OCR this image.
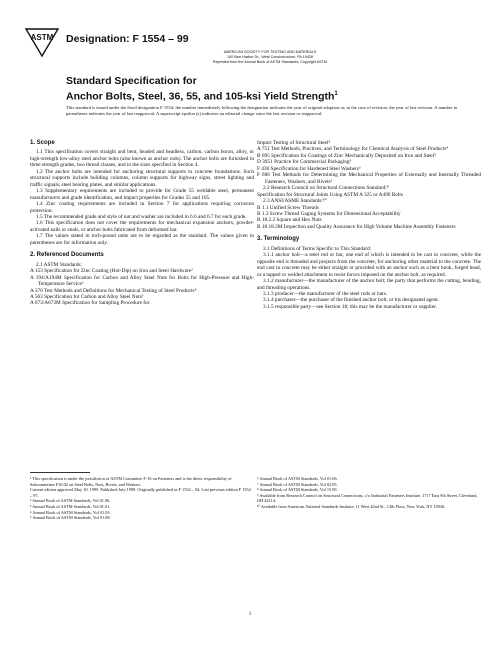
ASTM Designation: F 1554 – 99
AMERICAN SOCIETY FOR TESTING AND MATERIALS
100 Barr Harbor Dr., West Conshohocken, PA 19428
Reprinted from the Annual Book of ASTM Standards, Copyright ASTM
Standard Specification for
Anchor Bolts, Steel, 36, 55, and 105-ksi Yield Strength$^1$
This standard is issued under the fixed designation F 1554; the number immediately following the designation indicates the year of original adoption or, in the case of revision, the year of last revision. A number in parentheses indicates the year of last reapproval. A superscript epsilon (ε) indicates an editorial change since the last revision or reapproval.
1. Scope

1.1 This specification covers straight and bent, headed and headless, carbon, carbon boron, alloy, or high-strength low-alloy steel anchor bolts (also known as anchor rods). The anchor bolts are furnished in three strength grades, two thread classes, and in the sizes specified in Section 4.

1.2 The anchor bolts are intended for anchoring structural supports to concrete foundations. Such structural supports include building columns, column supports for highway signs, street lighting and traffic signals, steel bearing plates, and similar applications.

1.3 Supplementary requirements are included to provide for Grade 55 weldable steel, permanent manufacturers and grade identification, and impact properties for Grades 55 and 105.

1.4 Zinc coating requirements are included in Section 7 for applications requiring corrosion protection.

1.5 The recommended grade and style of nut and washer are included in 6.6 and 6.7 for each grade.

1.6 This specification does not cover the requirements for mechanical expansion anchors, powder-activated nails or studs, or anchor bolts fabricated from deformed bar.

1.7 The values stated in inch-pound units are to be regarded as the standard. The values given in parentheses are for information only.

2. Referenced Documents

2.1 ASTM Standards:

A 153 Specification for Zinc Coating (Hot-Dip) on Iron and Steel Hardware²

A 194/A194M Specification for Carbon and Alloy Steel Nuts for Bolts for High-Pressure and High-Temperature Service³

A 370 Test Methods and Definitions for Mechanical Testing of Steel Products⁴

A 563 Specification for Carbon and Alloy Steel Nuts³

A 673/A673M Specification for Sampling Procedure for

Impact Testing of Structural Steel⁴

A 751 Test Methods, Practices, and Terminology for Chemical Analysis of Steel Products⁴

B 695 Specification for Coatings of Zinc Mechanically Deposited on Iron and Steel⁵

D 3951 Practice for Commercial Packaging⁶

F 436 Specification for Hardened Steel Washers³

F 606 Test Methods for Determining the Mechanical Properties of Externally and Internally Threaded Fasteners, Washers, and Rivets³

2.2 Research Council on Structural Connections Standard:⁸

Specification for Structural Joints Using ASTM A 325 or A490 Bolts

2.3 ANSI/ASME Standards:¹⁰

B 1.1 Unified Screw Threads

B 1.3 Screw Thread Gaging Systems for Dimensional Acceptability

B 18.2.2 Square and Hex Nuts

B 18.18.2M Inspection and Quality Assurance for High Volume Machine Assembly Fasteners

3. Terminology

3.1 Definitions of Terms Specific to This Standard:

3.1.1 anchor bolt—a steel rod or bar, one end of which is intended to be cast in concrete, while the opposite end is threaded and projects from the concrete, for anchoring other material to the concrete. The end cast in concrete may be either straight or provided with an anchor such as a bent hook, forged head, or a tapped or welded attachment to resist forces imposed on the anchor bolt, as required.

3.1.2 manufacturer—the manufacturer of the anchor bolt; the party that performs the cutting, bending, and threading operations.

3.1.3 producer—the manufacturer of the steel rods or bars.

3.1.4 purchaser—the purchaser of the finished anchor bolt, or his designated agent.

3.1.5 responsible party—see Section 18; this may be the manufacturer or supplier.

¹ This specification is under the jurisdiction of ASTM Committee F-16 on Fasteners and is the direct responsibility of Subcommittee F16.02 on Steel Bolts, Nuts, Rivets, and Washers.

Current edition approved May 10, 1999. Published July 1999. Originally published as F 1554 – 94. Last previous edition F 1554 – 97.

² Annual Book of ASTM Standards, Vol 01.06.

³ Annual Book of ASTM Standards, Vol 01.01.

⁴ Annual Book of ASTM Standards, Vol 01.03.

⁵ Annual Book of ASTM Standards, Vol 01.08.

⁶ Annual Book of ASTM Standards, Vol 01.06.

⁷ Annual Book of ASTM Standards, Vol 02.05.

⁸ Annual Book of ASTM Standards, Vol 15.09.

⁹ Available from Research Council on Structural Connections, c/o Industrial Fasteners Institute, 1717 East 9th Street, Cleveland, OH 44114.

¹⁰ Available from American National Standards Institute, 11 West 42nd St., 13th Floor, New York, NY 10036.

1
